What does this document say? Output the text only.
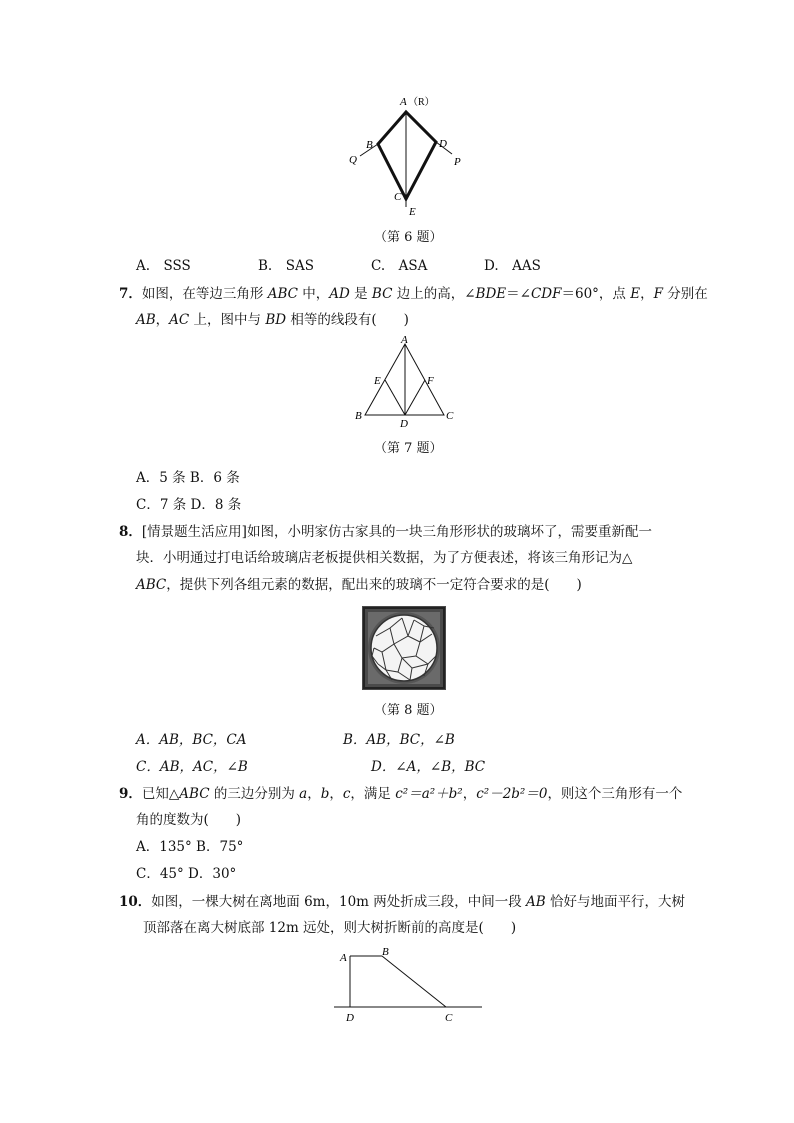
A （R）
B	D
Q	P
C
E
（第 6 题）
A.　SSS	B.　SAS	C.　ASA	D.　AAS
7．如图，在等边三角形 ABC 中，AD 是 BC 边上的高，∠BDE＝∠CDF＝60°，点 E，F 分别在
AB，AC 上，图中与 BD 相等的线段有(　　)
A
E	F
B
D
C
（第 7 题）
A．5 条 B．6 条
C．7 条 D．8 条
8．[情景题生活应用]如图，小明家仿古家具的一块三角形形状的玻璃坏了，需要重新配一
块．小明通过打电话给玻璃店老板提供相关数据，为了方便表述，将该三角形记为△
ABC，提供下列各组元素的数据，配出来的玻璃不一定符合要求的是(　　)
（第 8 题）
A．AB，BC，CA	B．AB，BC，∠B
C．AB，AC，∠B	D．∠A，∠B，BC
9．已知△ABC 的三边分别为 a，b，c，满足 c²＝a²＋b²，c²－2b²＝0，则这个三角形有一个
角的度数为(　　)
A．135° B．75°
C．45° D．30°
10．如图，一棵大树在离地面 6m，10m 两处折成三段，中间一段 AB 恰好与地面平行，大树
顶部落在离大树底部 12m 远处，则大树折断前的高度是(　　)
A	B
D	C
